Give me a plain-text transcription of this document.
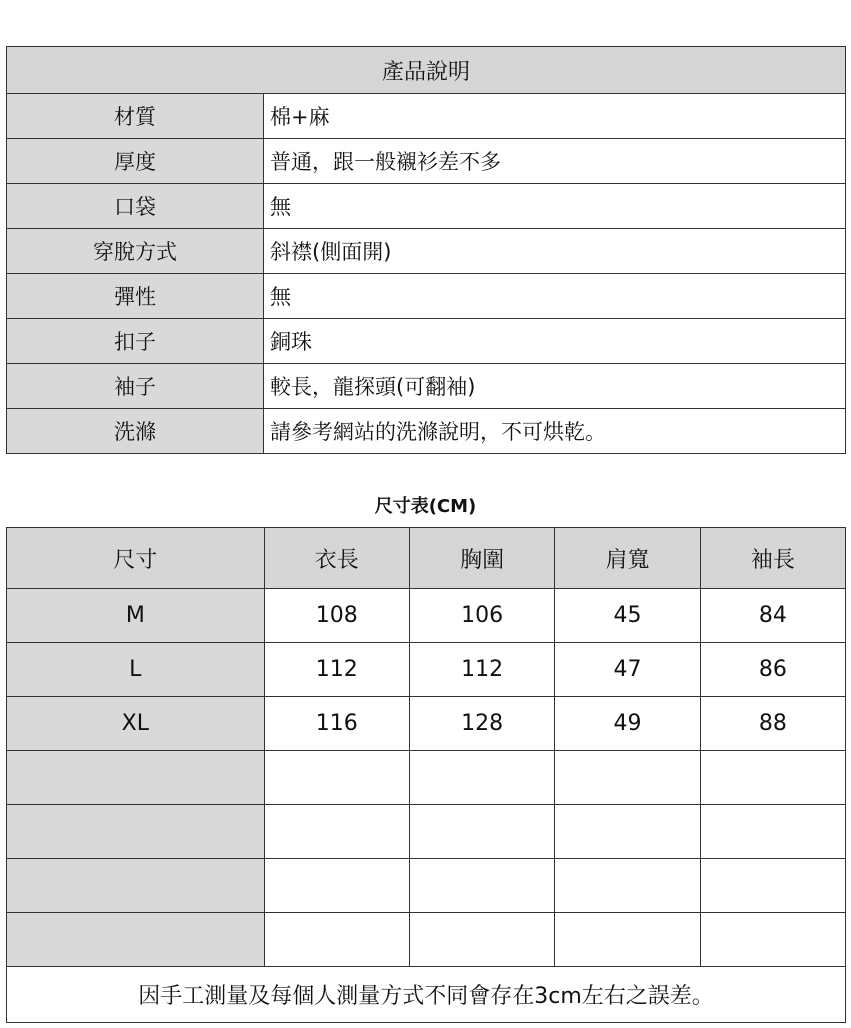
產品說明	
材質	棉+麻
厚度	普通，跟一般襯衫差不多
口袋	無
穿脫方式	斜襟(側面開)
彈性	無
扣子	銅珠
袖子	較長，龍探頭(可翻袖)
洗滌	請參考網站的洗滌說明，不可烘乾。
尺寸表(CM)
尺寸	衣長	胸圍	肩寬	袖長
M	108	106	45	84
L	112	112	47	86
XL	116	128	49	88

因手工測量及每個人測量方式不同會存在3cm左右之誤差。				
